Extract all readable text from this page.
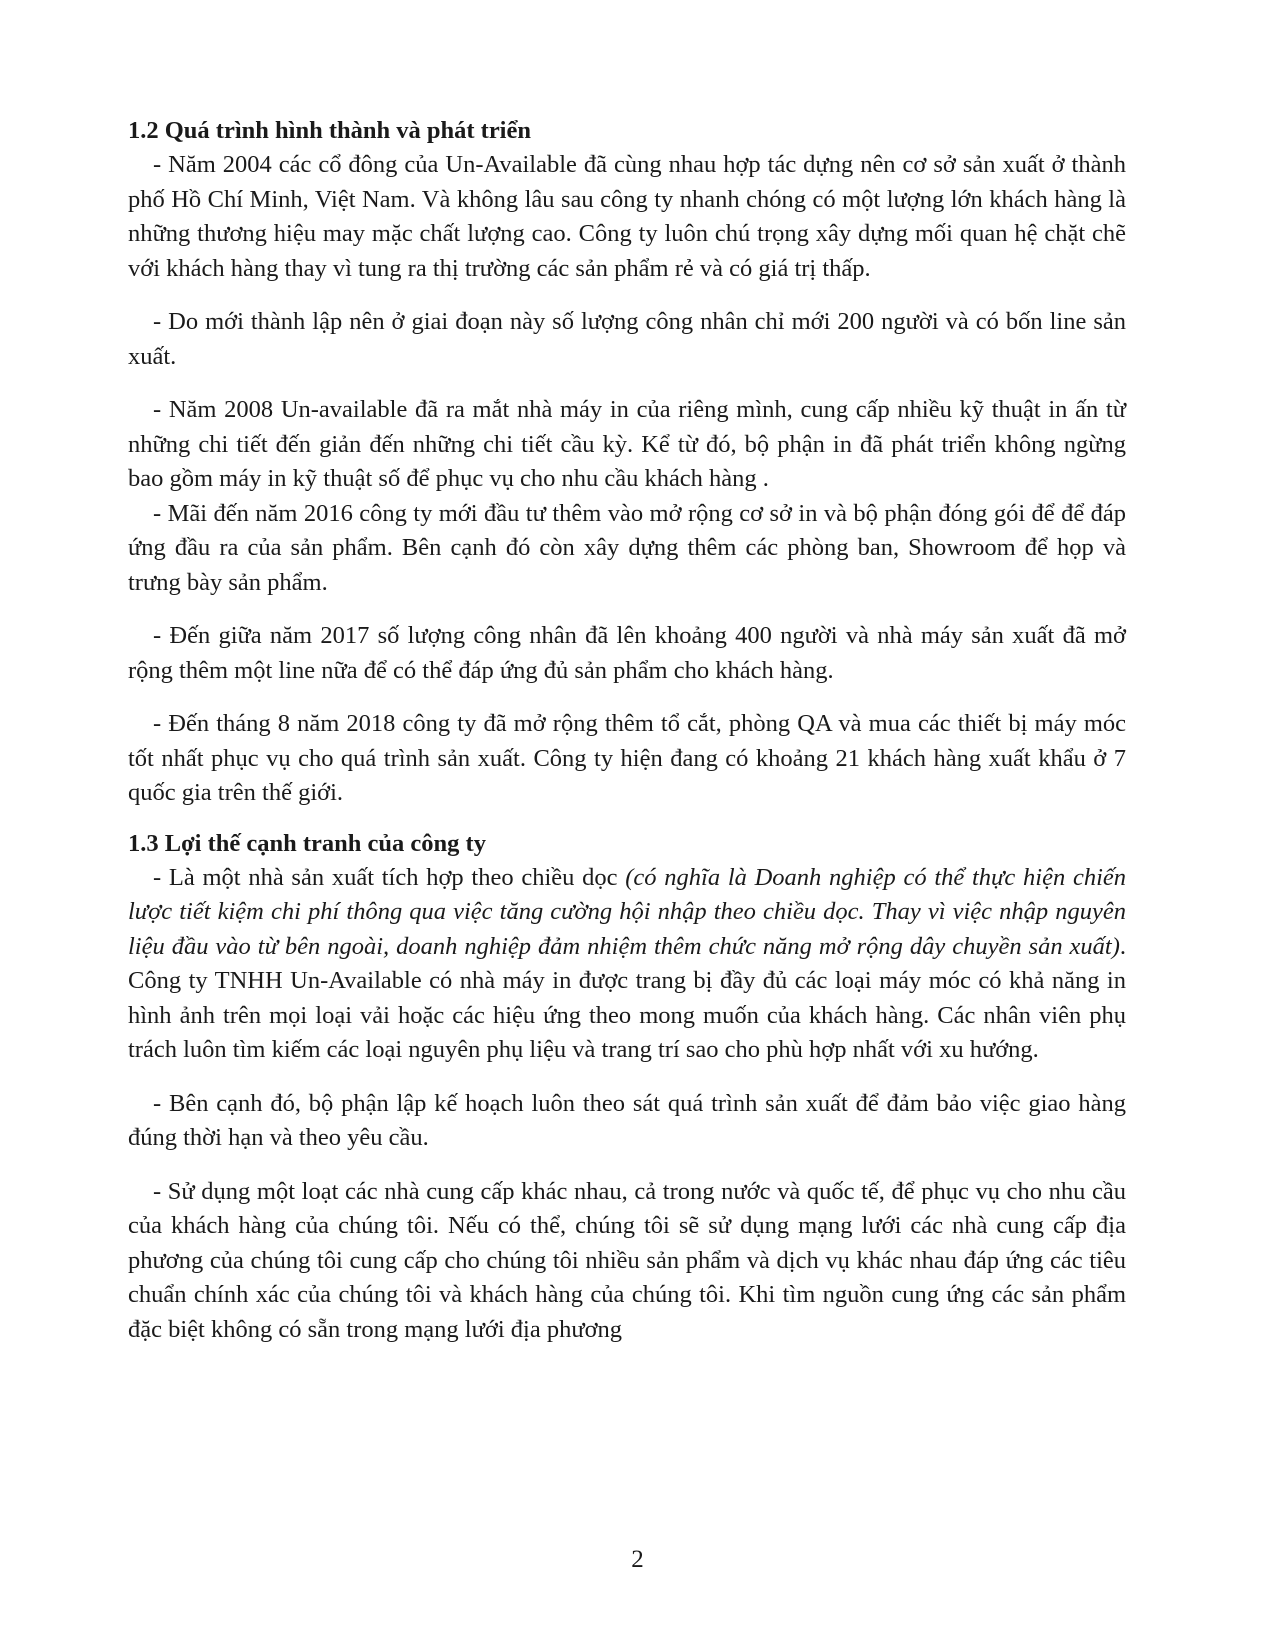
1.2 Quá trình hình thành và phát triển

- Năm 2004 các cổ đông của Un-Available đã cùng nhau hợp tác dựng nên cơ sở sản xuất ở thành phố Hồ Chí Minh, Việt Nam. Và không lâu sau công ty nhanh chóng có một lượng lớn khách hàng là những thương hiệu may mặc chất lượng cao. Công ty luôn chú trọng xây dựng mối quan hệ chặt chẽ với khách hàng thay vì tung ra thị trường các sản phẩm rẻ và có giá trị thấp.

- Do mới thành lập nên ở giai đoạn này số lượng công nhân chỉ mới 200 người và có bốn line sản xuất.

- Năm 2008 Un-available đã ra mắt nhà máy in của riêng mình, cung cấp nhiều kỹ thuật in ấn từ những chi tiết đến giản đến những chi tiết cầu kỳ. Kể từ đó, bộ phận in đã phát triển không ngừng bao gồm máy in kỹ thuật số để phục vụ cho nhu cầu khách hàng .

- Mãi đến năm 2016 công ty mới đầu tư thêm vào mở rộng cơ sở in và bộ phận đóng gói để để đáp ứng đầu ra của sản phẩm. Bên cạnh đó còn xây dựng thêm các phòng ban, Showroom để họp và trưng bày sản phẩm.

- Đến giữa năm 2017 số lượng công nhân đã lên khoảng 400 người và nhà máy sản xuất đã mở rộng thêm một line nữa để có thể đáp ứng đủ sản phẩm cho khách hàng.

- Đến tháng 8 năm 2018 công ty đã mở rộng thêm tổ cắt, phòng QA và mua các thiết bị máy móc tốt nhất phục vụ cho quá trình sản xuất. Công ty hiện đang có khoảng 21 khách hàng xuất khẩu ở 7 quốc gia trên thế giới.

1.3 Lợi thế cạnh tranh của công ty

- Là một nhà sản xuất tích hợp theo chiều dọc (có nghĩa là Doanh nghiệp có thể thực hiện chiến lược tiết kiệm chi phí thông qua việc tăng cường hội nhập theo chiều dọc. Thay vì việc nhập nguyên liệu đầu vào từ bên ngoài, doanh nghiệp đảm nhiệm thêm chức năng mở rộng dây chuyền sản xuất). Công ty TNHH Un-Available có nhà máy in được trang bị đầy đủ các loại máy móc có khả năng in hình ảnh trên mọi loại vải hoặc các hiệu ứng theo mong muốn của khách hàng. Các nhân viên phụ trách luôn tìm kiếm các loại nguyên phụ liệu và trang trí sao cho phù hợp nhất với xu hướng.

- Bên cạnh đó, bộ phận lập kế hoạch luôn theo sát quá trình sản xuất để đảm bảo việc giao hàng đúng thời hạn và theo yêu cầu.

- Sử dụng một loạt các nhà cung cấp khác nhau, cả trong nước và quốc tế, để phục vụ cho nhu cầu của khách hàng của chúng tôi. Nếu có thể, chúng tôi sẽ sử dụng mạng lưới các nhà cung cấp địa phương của chúng tôi cung cấp cho chúng tôi nhiều sản phẩm và dịch vụ khác nhau đáp ứng các tiêu chuẩn chính xác của chúng tôi và khách hàng của chúng tôi. Khi tìm nguồn cung ứng các sản phẩm đặc biệt không có sẵn trong mạng lưới địa phương

2
